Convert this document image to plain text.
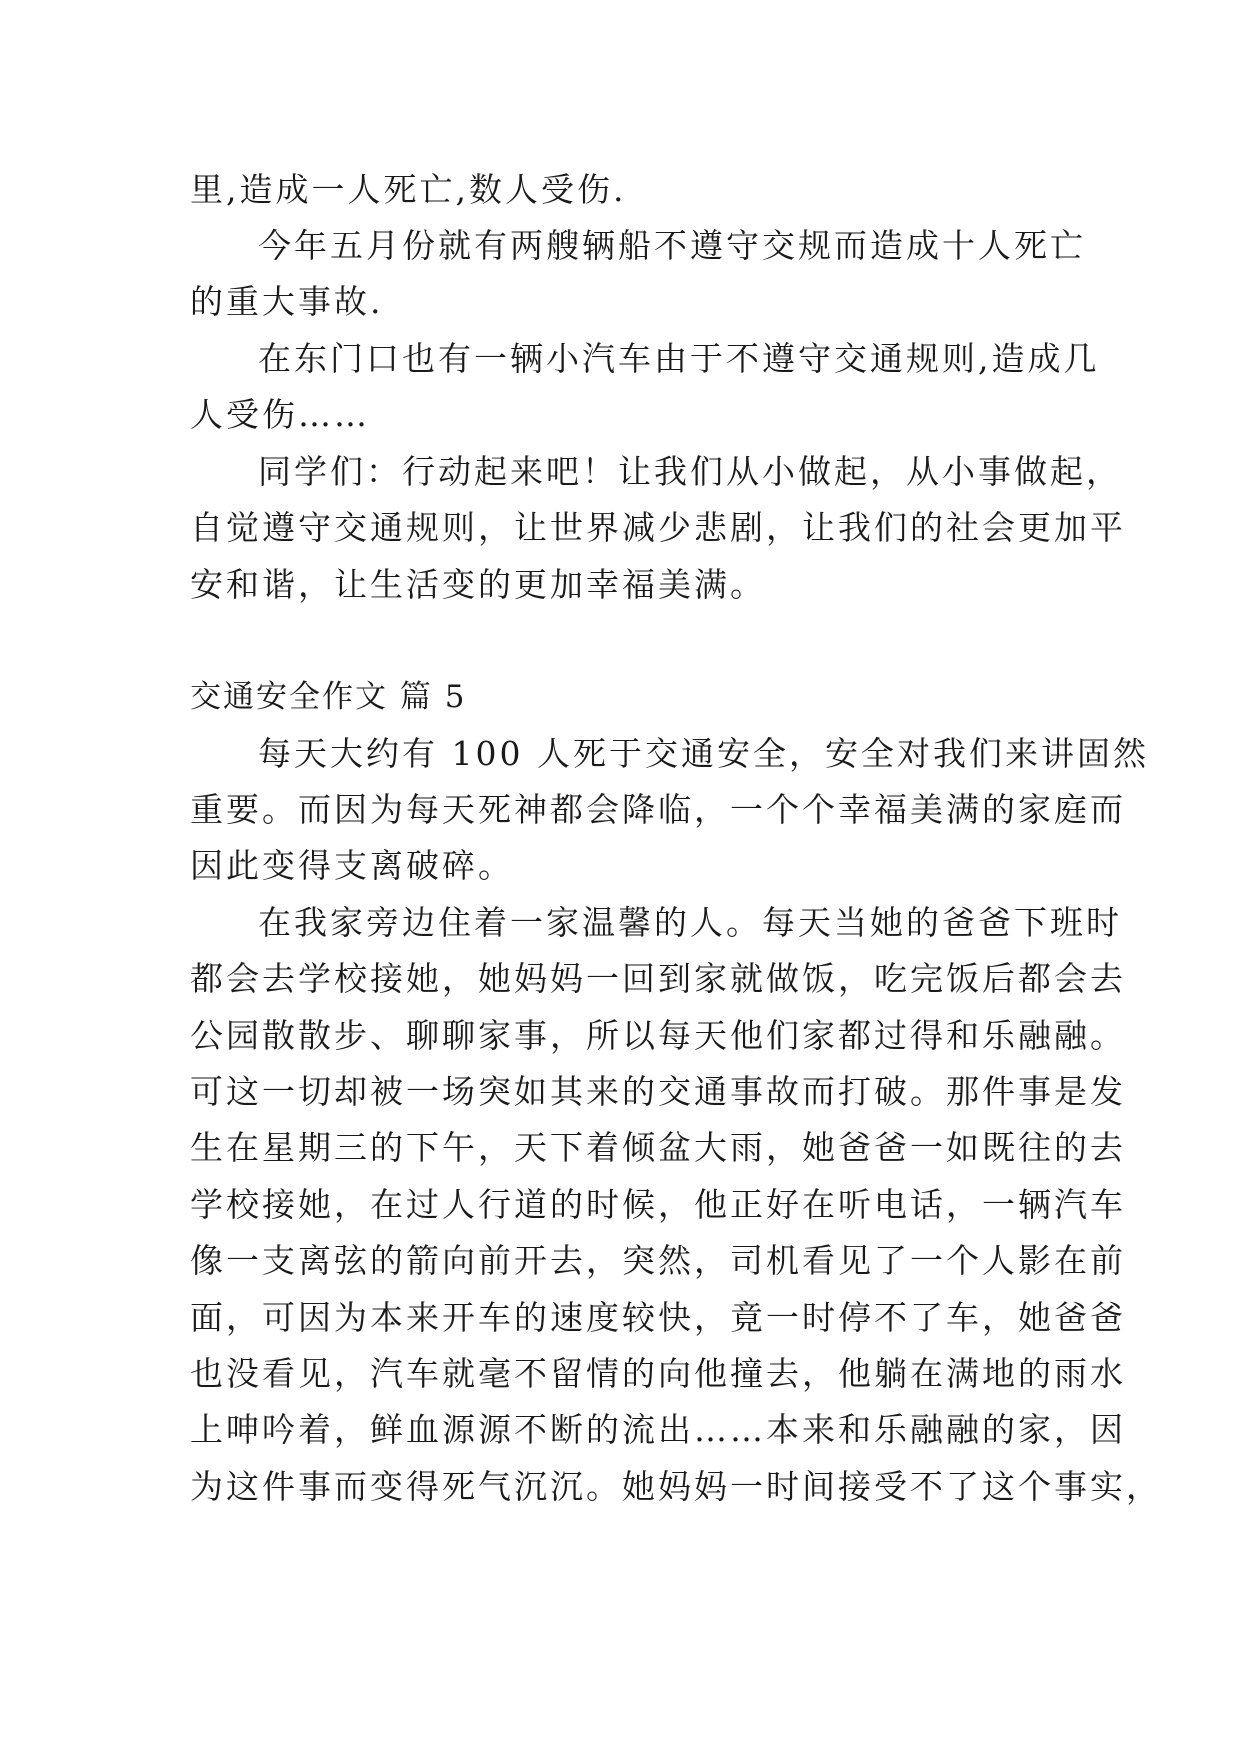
里,造成一人死亡,数人受伤.
今年五月份就有两艘辆船不遵守交规而造成十人死亡
的重大事故.
在东门口也有一辆小汽车由于不遵守交通规则,造成几
人受伤……
同学们：行动起来吧！让我们从小做起，从小事做起，
自觉遵守交通规则，让世界减少悲剧，让我们的社会更加平
安和谐，让生活变的更加幸福美满。
交通安全作文 篇 5
每天大约有 100 人死于交通安全，安全对我们来讲固然
重要。而因为每天死神都会降临，一个个幸福美满的家庭而
因此变得支离破碎。
在我家旁边住着一家温馨的人。每天当她的爸爸下班时
都会去学校接她，她妈妈一回到家就做饭，吃完饭后都会去
公园散散步、聊聊家事，所以每天他们家都过得和乐融融。
可这一切却被一场突如其来的交通事故而打破。那件事是发
生在星期三的下午，天下着倾盆大雨，她爸爸一如既往的去
学校接她，在过人行道的时候，他正好在听电话，一辆汽车
像一支离弦的箭向前开去，突然，司机看见了一个人影在前
面，可因为本来开车的速度较快，竟一时停不了车，她爸爸
也没看见，汽车就毫不留情的向他撞去，他躺在满地的雨水
上呻吟着，鲜血源源不断的流出……本来和乐融融的家，因
为这件事而变得死气沉沉。她妈妈一时间接受不了这个事实，
